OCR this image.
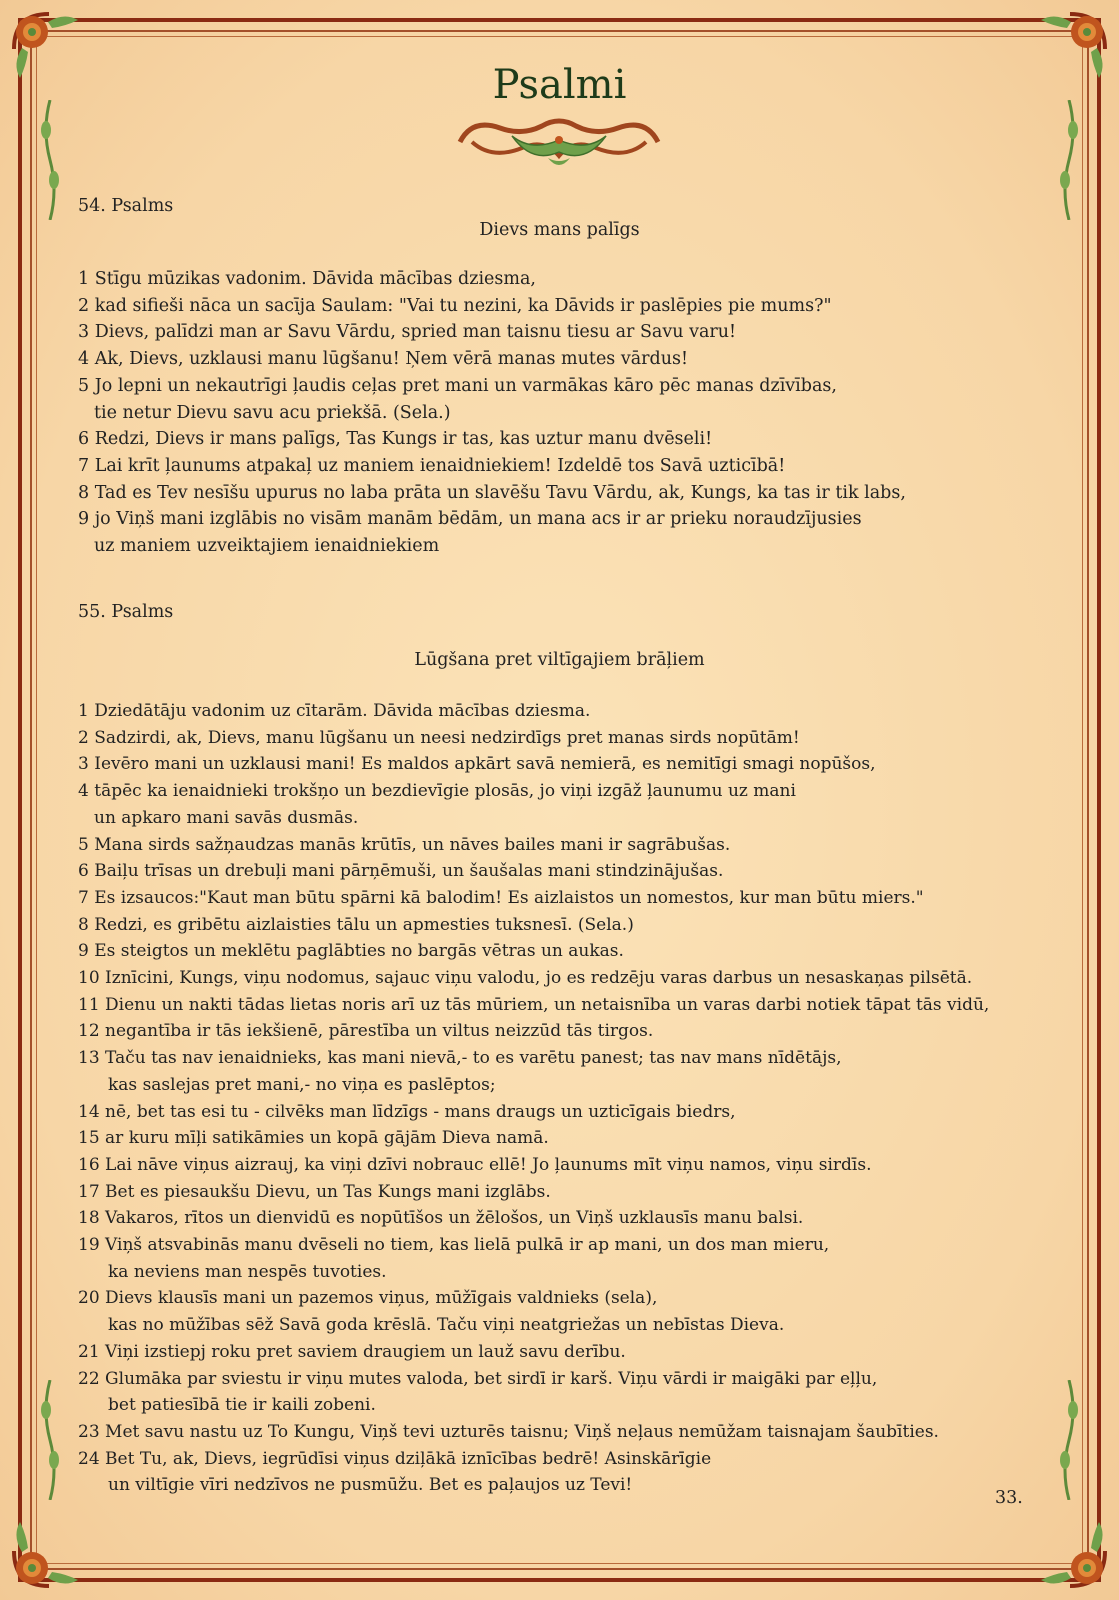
Psalmi
54. Psalms
Dievs mans palīgs
1 Stīgu mūzikas vadonim. Dāvida mācības dziesma,
2 kad sifieši nāca un sacīja Saulam: "Vai tu nezini, ka Dāvids ir paslēpies pie mums?"
3 Dievs, palīdzi man ar Savu Vārdu, spried man taisnu tiesu ar Savu varu!
4 Ak, Dievs, uzklausi manu lūgšanu! Ņem vērā manas mutes vārdus!
5 Jo lepni un nekautrīgi ļaudis ceļas pret mani un varmākas kāro pēc manas dzīvības,
tie netur Dievu savu acu priekšā. (Sela.)
6 Redzi, Dievs ir mans palīgs, Tas Kungs ir tas, kas uztur manu dvēseli!
7 Lai krīt ļaunums atpakaļ uz maniem ienaidniekiem! Izdeldē tos Savā uzticībā!
8 Tad es Tev nesīšu upurus no laba prāta un slavēšu Tavu Vārdu, ak, Kungs, ka tas ir tik labs,
9 jo Viņš mani izglābis no visām manām bēdām, un mana acs ir ar prieku noraudzījusies
uz maniem uzveiktajiem ienaidniekiem
55. Psalms
Lūgšana pret viltīgajiem brāļiem
1 Dziedātāju vadonim uz cītarām. Dāvida mācības dziesma.
2 Sadzirdi, ak, Dievs, manu lūgšanu un neesi nedzirdīgs pret manas sirds nopūtām!
3 Ievēro mani un uzklausi mani! Es maldos apkārt savā nemierā, es nemitīgi smagi nopūšos,
4 tāpēc ka ienaidnieki trokšņo un bezdievīgie plosās, jo viņi izgāž ļaunumu uz mani
un apkaro mani savās dusmās.
5 Mana sirds sažņaudzas manās krūtīs, un nāves bailes mani ir sagrābušas.
6 Baiļu trīsas un drebuļi mani pārņēmuši, un šaušalas mani stindzinājušas.
7 Es izsaucos:"Kaut man būtu spārni kā balodim! Es aizlaistos un nomestos, kur man būtu miers."
8 Redzi, es gribētu aizlaisties tālu un apmesties tuksnesī. (Sela.)
9 Es steigtos un meklētu paglābties no bargās vētras un aukas.
10 Iznīcini, Kungs, viņu nodomus, sajauc viņu valodu, jo es redzēju varas darbus un nesaskaņas pilsētā.
11 Dienu un nakti tādas lietas noris arī uz tās mūriem, un netaisnība un varas darbi notiek tāpat tās vidū,
12 negantība ir tās iekšienē, pārestība un viltus neizzūd tās tirgos.
13 Taču tas nav ienaidnieks, kas mani nievā,- to es varētu panest; tas nav mans nīdētājs,
kas saslejas pret mani,- no viņa es paslēptos;
14 nē, bet tas esi tu - cilvēks man līdzīgs - mans draugs un uzticīgais biedrs,
15 ar kuru mīļi satikāmies un kopā gājām Dieva namā.
16 Lai nāve viņus aizrauj, ka viņi dzīvi nobrauc ellē! Jo ļaunums mīt viņu namos, viņu sirdīs.
17 Bet es piesaukšu Dievu, un Tas Kungs mani izglābs.
18 Vakaros, rītos un dienvidū es nopūtīšos un žēlošos, un Viņš uzklausīs manu balsi.
19 Viņš atsvabinās manu dvēseli no tiem, kas lielā pulkā ir ap mani, un dos man mieru,
ka neviens man nespēs tuvoties.
20 Dievs klausīs mani un pazemos viņus, mūžīgais valdnieks (sela),
kas no mūžības sēž Savā goda krēslā. Taču viņi neatgriežas un nebīstas Dieva.
21 Viņi izstiepj roku pret saviem draugiem un lauž savu derību.
22 Glumāka par sviestu ir viņu mutes valoda, bet sirdī ir karš. Viņu vārdi ir maigāki par eļļu,
bet patiesībā tie ir kaili zobeni.
23 Met savu nastu uz To Kungu, Viņš tevi uzturēs taisnu; Viņš neļaus nemūžam taisnajam šaubīties.
24 Bet Tu, ak, Dievs, iegrūdīsi viņus dziļākā iznīcības bedrē! Asinskārīgie
un viltīgie vīri nedzīvos ne pusmūžu. Bet es paļaujos uz Tevi!
33.
